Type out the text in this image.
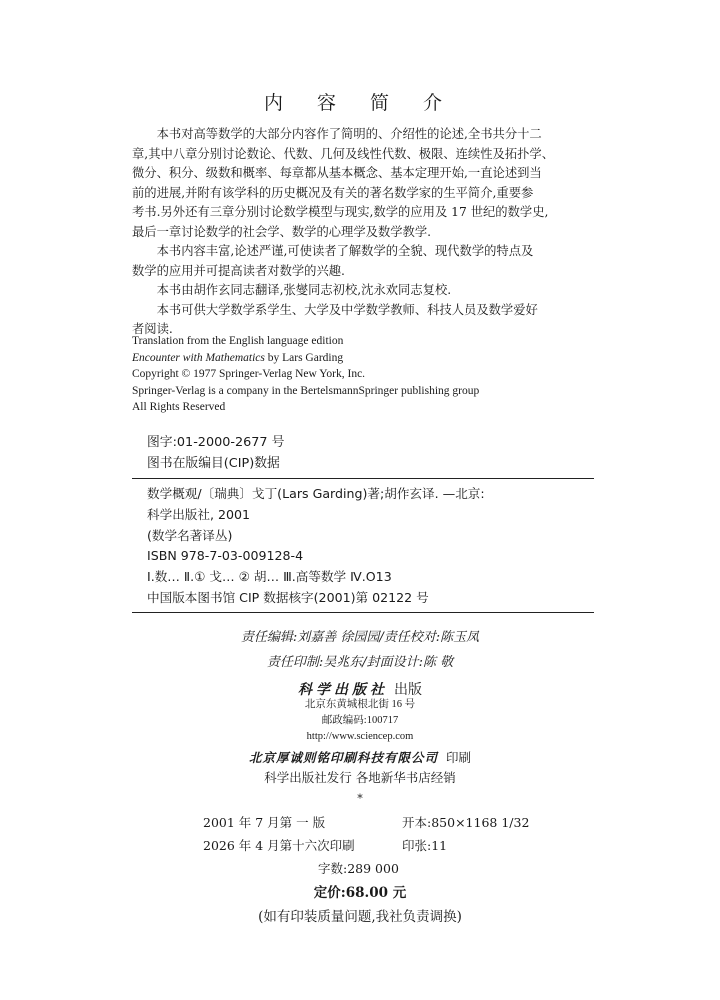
内 容 简 介

本书对高等数学的大部分内容作了简明的、介绍性的论述,全书共分十二
章,其中八章分别讨论数论、代数、几何及线性代数、极限、连续性及拓扑学、
微分、积分、级数和概率、每章都从基本概念、基本定理开始,一直论述到当
前的进展,并附有该学科的历史概况及有关的著名数学家的生平简介,重要参
考书.另外还有三章分别讨论数学模型与现实,数学的应用及 17 世纪的数学史,
最后一章讨论数学的社会学、数学的心理学及数学教学.

本书内容丰富,论述严谨,可使读者了解数学的全貌、现代数学的特点及
数学的应用并可提高读者对数学的兴趣.

本书由胡作玄同志翻译,张燮同志初校,沈永欢同志复校.

本书可供大学数学系学生、大学及中学数学教师、科技人员及数学爱好
者阅读.

Translation from the English language edition
Encounter with Mathematics by Lars Garding
Copyright © 1977 Springer-Verlag New York, Inc.
Springer-Verlag is a company in the BertelsmannSpringer publishing group
All Rights Reserved
图字:01-2000-2677 号
图书在版编目(CIP)数据
数学概观/〔瑞典〕戈丁(Lars Garding)著;胡作玄译. —北京:
科学出版社, 2001
(数学名著译丛)
ISBN 978-7-03-009128-4
Ⅰ.数… Ⅱ.① 戈… ② 胡… Ⅲ.高等数学 Ⅳ.O13
中国版本图书馆 CIP 数据核字(2001)第 02122 号
责任编辑:刘嘉善 徐园园/责任校对:陈玉凤
责任印制:吴兆东/封面设计:陈 敬
科学出版社 出版
北京东黄城根北街 16 号
邮政编码:100717
http://www.sciencep.com
北京厚诚则铭印刷科技有限公司 印刷
科学出版社发行 各地新华书店经销
*
2001 年 7 月第 一 版	开本:850×1168 1/32
2026 年 4 月第十六次印刷	印张:11
字数:289 000
定价:68.00 元
(如有印装质量问题,我社负责调换)
